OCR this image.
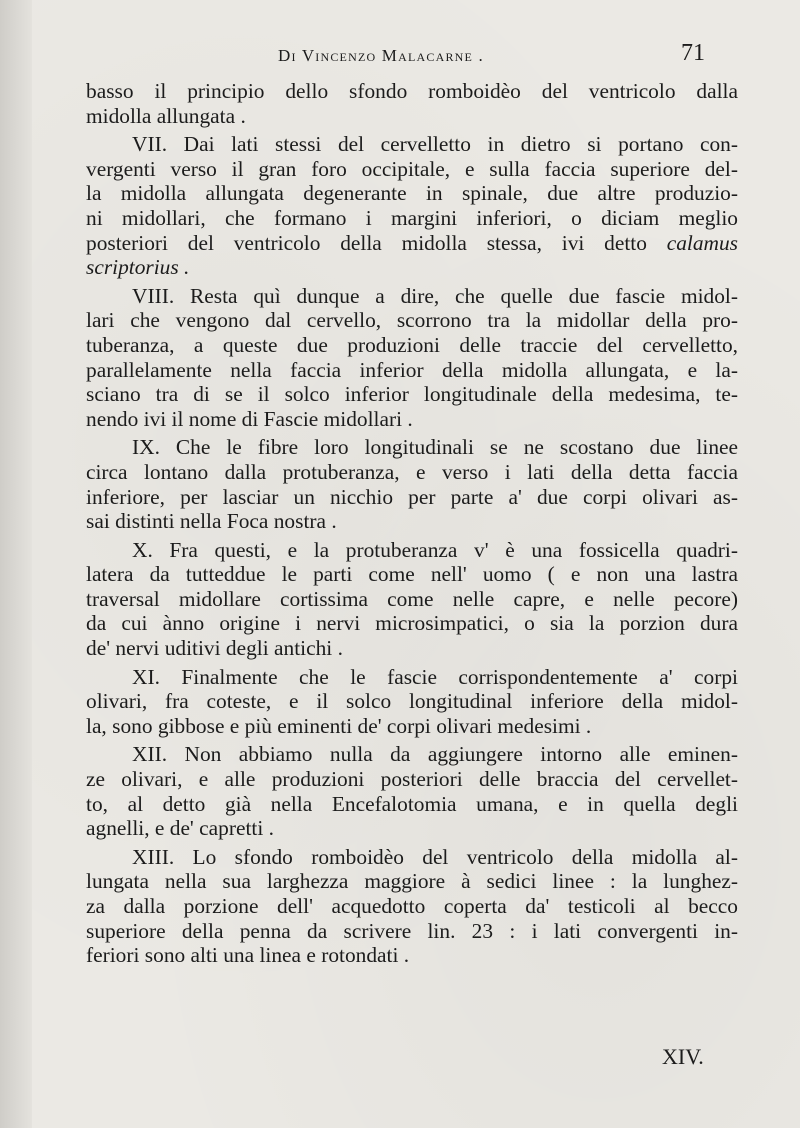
Di Vincenzo Malacarne .	71

basso il principio dello sfondo romboidèo del ventricolo dalla
midolla allungata .

VII. Dai lati stessi del cervelletto in dietro si portano con-
vergenti verso il gran foro occipitale, e sulla faccia superiore del-
la midolla allungata degenerante in spinale, due altre produzio-
ni midollari, che formano i margini inferiori, o diciam meglio
posteriori del ventricolo della midolla stessa, ivi detto calamus
scriptorius .

VIII. Resta quì dunque a dire, che quelle due fascie midol-
lari che vengono dal cervello, scorrono tra la midollar della pro-
tuberanza, a queste due produzioni delle traccie del cervelletto,
parallelamente nella faccia inferior della midolla allungata, e la-
sciano tra di se il solco inferior longitudinale della medesima, te-
nendo ivi il nome di Fascie midollari .

IX. Che le fibre loro longitudinali se ne scostano due linee
circa lontano dalla protuberanza, e verso i lati della detta faccia
inferiore, per lasciar un nicchio per parte a' due corpi olivari as-
sai distinti nella Foca nostra .

X. Fra questi, e la protuberanza v' è una fossicella quadri-
latera da tutteddue le parti come nell' uomo ( e non una lastra
traversal midollare cortissima come nelle capre, e nelle pecore)
da cui ànno origine i nervi microsimpatici, o sia la porzion dura
de' nervi uditivi degli antichi .

XI. Finalmente che le fascie corrispondentemente a' corpi
olivari, fra coteste, e il solco longitudinal inferiore della midol-
la, sono gibbose e più eminenti de' corpi olivari medesimi .

XII. Non abbiamo nulla da aggiungere intorno alle eminen-
ze olivari, e alle produzioni posteriori delle braccia del cervellet-
to, al detto già nella Encefalotomia umana, e in quella degli
agnelli, e de' capretti .

XIII. Lo sfondo romboidèo del ventricolo della midolla al-
lungata nella sua larghezza maggiore à sedici linee : la lunghez-
za dalla porzione dell' acquedotto coperta da' testicoli al becco
superiore della penna da scrivere lin. 23 : i lati convergenti in-
feriori sono alti una linea e rotondati .

XIV.
